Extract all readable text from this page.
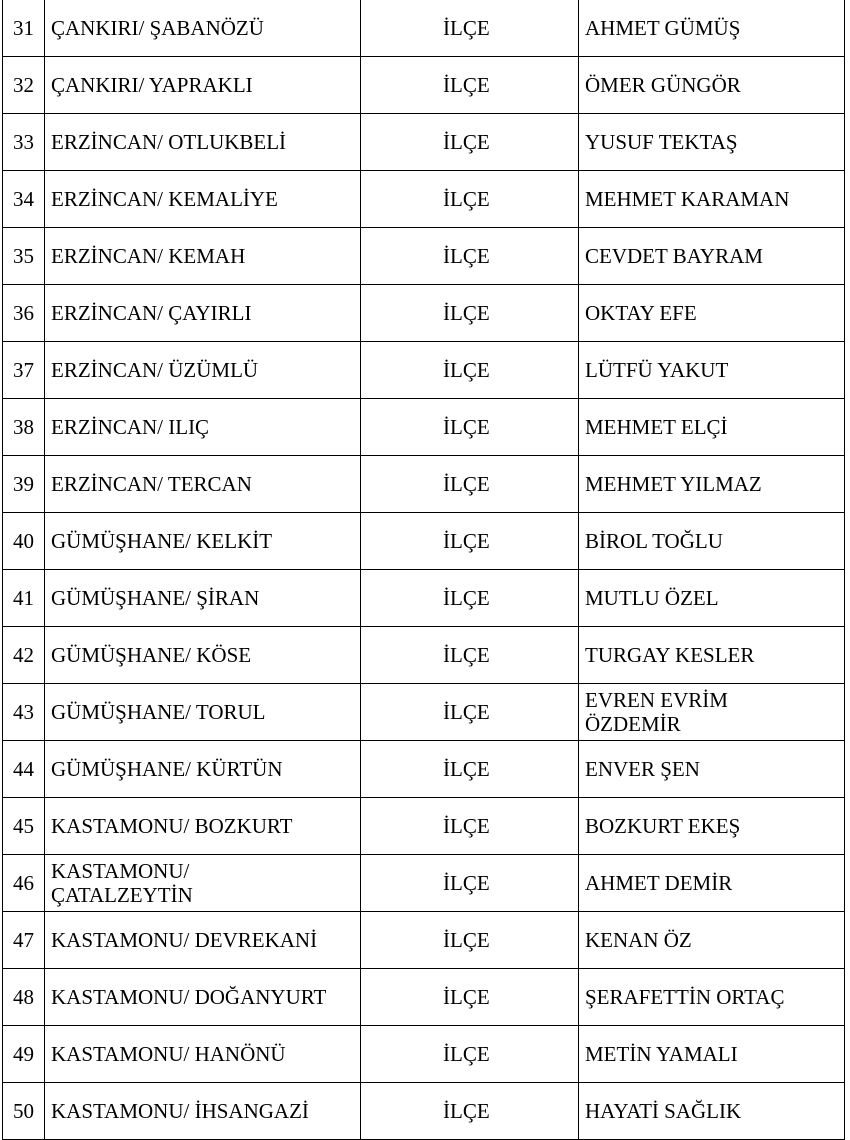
31	ÇANKIRI/ ŞABANÖZÜ	İLÇE	AHMET GÜMÜŞ
32	ÇANKIRI/ YAPRAKLI	İLÇE	ÖMER GÜNGÖR
33	ERZİNCAN/ OTLUKBELİ	İLÇE	YUSUF TEKTAŞ
34	ERZİNCAN/ KEMALİYE	İLÇE	MEHMET KARAMAN
35	ERZİNCAN/ KEMAH	İLÇE	CEVDET BAYRAM
36	ERZİNCAN/ ÇAYIRLI	İLÇE	OKTAY EFE
37	ERZİNCAN/ ÜZÜMLÜ	İLÇE	LÜTFÜ YAKUT
38	ERZİNCAN/ ILIÇ	İLÇE	MEHMET ELÇİ
39	ERZİNCAN/ TERCAN	İLÇE	MEHMET YILMAZ
40	GÜMÜŞHANE/ KELKİT	İLÇE	BİROL TOĞLU
41	GÜMÜŞHANE/ ŞİRAN	İLÇE	MUTLU ÖZEL
42	GÜMÜŞHANE/ KÖSE	İLÇE	TURGAY KESLER
43	GÜMÜŞHANE/ TORUL	İLÇE	EVREN EVRİM ÖZDEMİR
44	GÜMÜŞHANE/ KÜRTÜN	İLÇE	ENVER ŞEN
45	KASTAMONU/ BOZKURT	İLÇE	BOZKURT EKEŞ
46	KASTAMONU/ ÇATALZEYTİN	İLÇE	AHMET DEMİR
47	KASTAMONU/ DEVREKANİ	İLÇE	KENAN ÖZ
48	KASTAMONU/ DOĞANYURT	İLÇE	ŞERAFETTİN ORTAÇ
49	KASTAMONU/ HANÖNÜ	İLÇE	METİN YAMALI
50	KASTAMONU/ İHSANGAZİ	İLÇE	HAYATİ SAĞLIK
